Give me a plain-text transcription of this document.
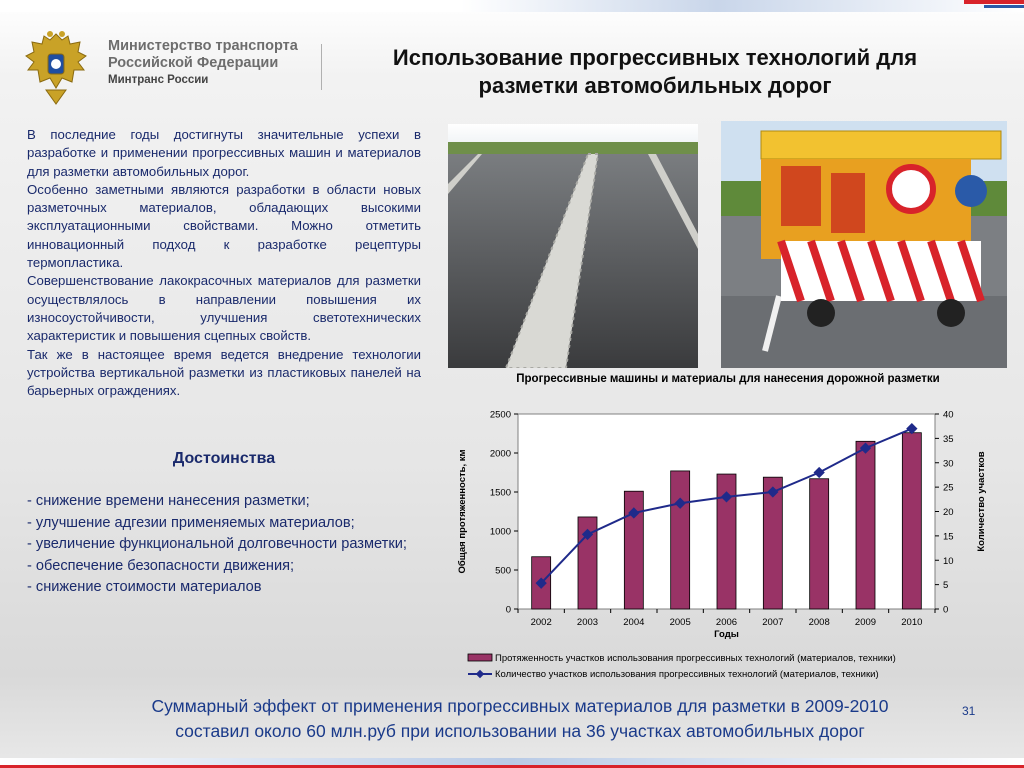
Министерство транспорта
Российской Федерации
Минтранс России
Использование прогрессивных технологий для
разметки автомобильных дорог

В последние годы достигнуты значительные успехи в разработке и применении прогрессивных машин и материалов для разметки автомобильных дорог.

Особенно заметными являются разработки в области новых разметочных материалов, обладающих высокими эксплуатационными свойствами. Можно отметить инновационный подход к разработке рецептуры термопластика.

Совершенствование лакокрасочных материалов для разметки осуществлялось в направлении повышения их износоустойчивости, улучшения светотехнических характеристик и повышения сцепных свойств.

Так же в настоящее время ведется внедрение технологии устройства вертикальной разметки из пластиковых панелей на барьерных ограждениях.

Достоинства
- снижение времени нанесения разметки;
- улучшение адгезии применяемых материалов;
- увеличение функциональной долговечности разметки;
- обеспечение безопасности движения;
- снижение стоимости материалов
Прогрессивные машины и материалы для нанесения дорожной разметки
0
500
1000
1500
2000
2500
0
5
10
15
20
25
30
35
40
2002	2003	2004	2005	2006	2007	2008	2009	2010
Годы
Общая протяженность, км	Количество участков
Протяженность участков использования прогрессивных технологий (материалов, техники)
Количество участков использования прогрессивных технологий (материалов, техники)
Суммарный эффект от применения прогрессивных материалов для разметки в 2009-2010
составил около 60 млн.руб при использовании на 36 участках автомобильных дорог
31
